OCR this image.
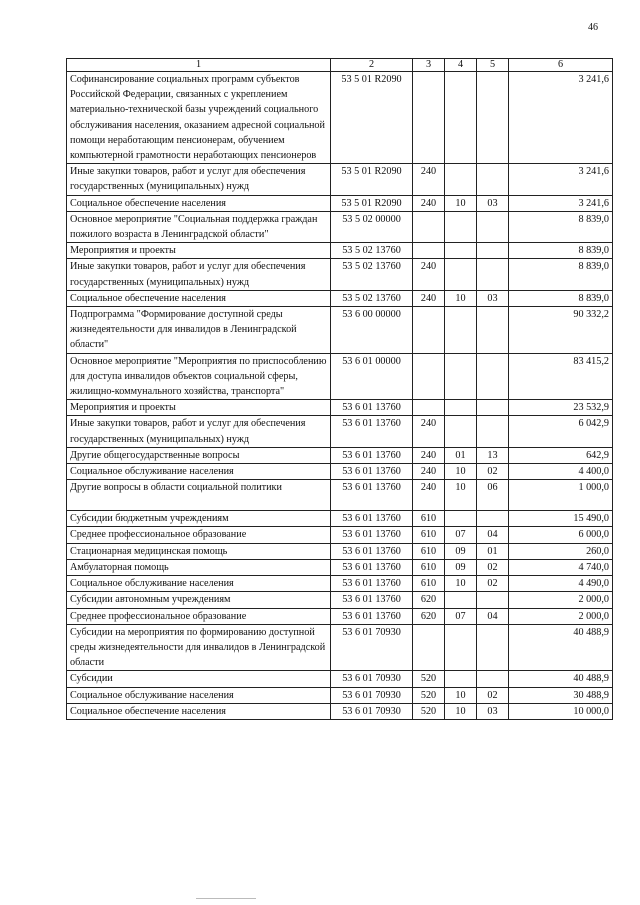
46
1	2	3	4	5	6
Софинансирование социальных программ субъектов Российской Федерации, связанных с укреплением материально-технической базы учреждений социального обслуживания населения, оказанием адресной социальной помощи неработающим пенсионерам, обучением компьютерной грамотности неработающих пенсионеров	53 5 01 R2090				3 241,6
Иные закупки товаров, работ и услуг для обеспечения государственных (муниципальных) нужд	53 5 01 R2090	240			3 241,6
Социальное обеспечение населения	53 5 01 R2090	240	10	03	3 241,6
Основное мероприятие "Социальная поддержка граждан пожилого возраста в Ленинградской области"	53 5 02 00000				8 839,0
Мероприятия и проекты	53 5 02 13760				8 839,0
Иные закупки товаров, работ и услуг для обеспечения государственных (муниципальных) нужд	53 5 02 13760	240			8 839,0
Социальное обеспечение населения	53 5 02 13760	240	10	03	8 839,0
Подпрограмма "Формирование доступной среды жизнедеятельности для инвалидов в Ленинградской области"	53 6 00 00000				90 332,2
Основное мероприятие "Мероприятия по приспособлению для доступа инвалидов объектов социальной сферы, жилищно-коммунального хозяйства, транспорта"	53 6 01 00000				83 415,2
Мероприятия и проекты	53 6 01 13760				23 532,9
Иные закупки товаров, работ и услуг для обеспечения государственных (муниципальных) нужд	53 6 01 13760	240			6 042,9
Другие общегосударственные вопросы	53 6 01 13760	240	01	13	642,9
Социальное обслуживание населения	53 6 01 13760	240	10	02	4 400,0
Другие вопросы в области социальной политики	53 6 01 13760	240	10	06	1 000,0
Субсидии бюджетным учреждениям	53 6 01 13760	610			15 490,0
Среднее профессиональное образование	53 6 01 13760	610	07	04	6 000,0
Стационарная медицинская помощь	53 6 01 13760	610	09	01	260,0
Амбулаторная помощь	53 6 01 13760	610	09	02	4 740,0
Социальное обслуживание населения	53 6 01 13760	610	10	02	4 490,0
Субсидии автономным учреждениям	53 6 01 13760	620			2 000,0
Среднее профессиональное образование	53 6 01 13760	620	07	04	2 000,0
Субсидии на мероприятия по формированию доступной среды жизнедеятельности для инвалидов в Ленинградской области	53 6 01 70930				40 488,9
Субсидии	53 6 01 70930	520			40 488,9
Социальное обслуживание населения	53 6 01 70930	520	10	02	30 488,9
Социальное обеспечение населения	53 6 01 70930	520	10	03	10 000,0
